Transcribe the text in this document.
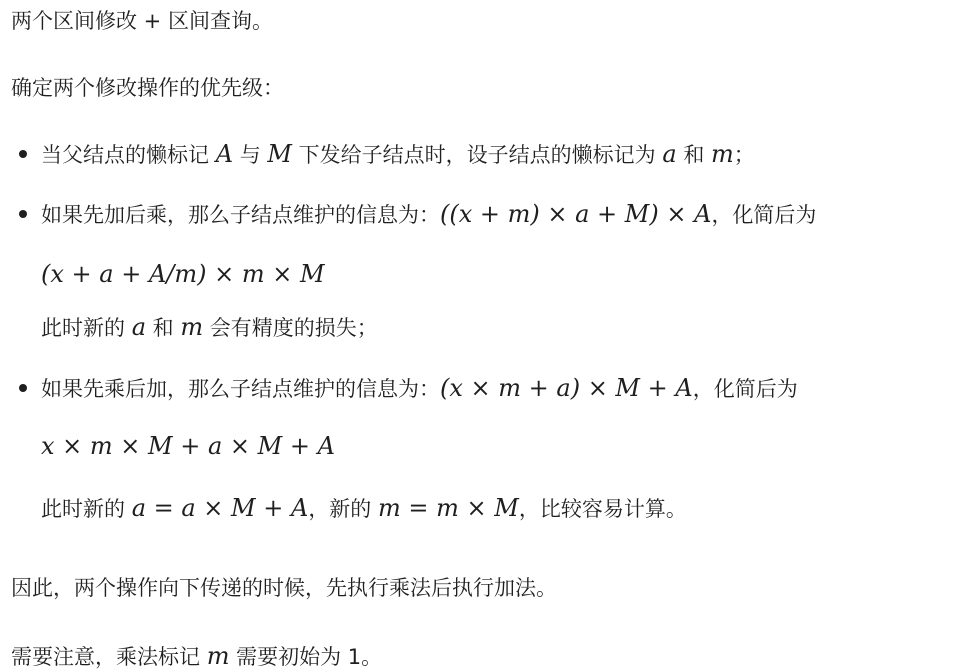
两个区间修改 + 区间查询。
确定两个修改操作的优先级：
当父结点的懒标记 A 与 M 下发给子结点时，设子结点的懒标记为 a 和 m；
如果先加后乘，那么子结点维护的信息为：((x + m) × a + M) × A，化简后为
(x + a + A/m) × m × M
此时新的 a 和 m 会有精度的损失；
如果先乘后加，那么子结点维护的信息为：(x × m + a) × M + A，化简后为
x × m × M + a × M + A
此时新的 a = a × M + A，新的 m = m × M，比较容易计算。
因此，两个操作向下传递的时候，先执行乘法后执行加法。
需要注意，乘法标记 m 需要初始为 1。
